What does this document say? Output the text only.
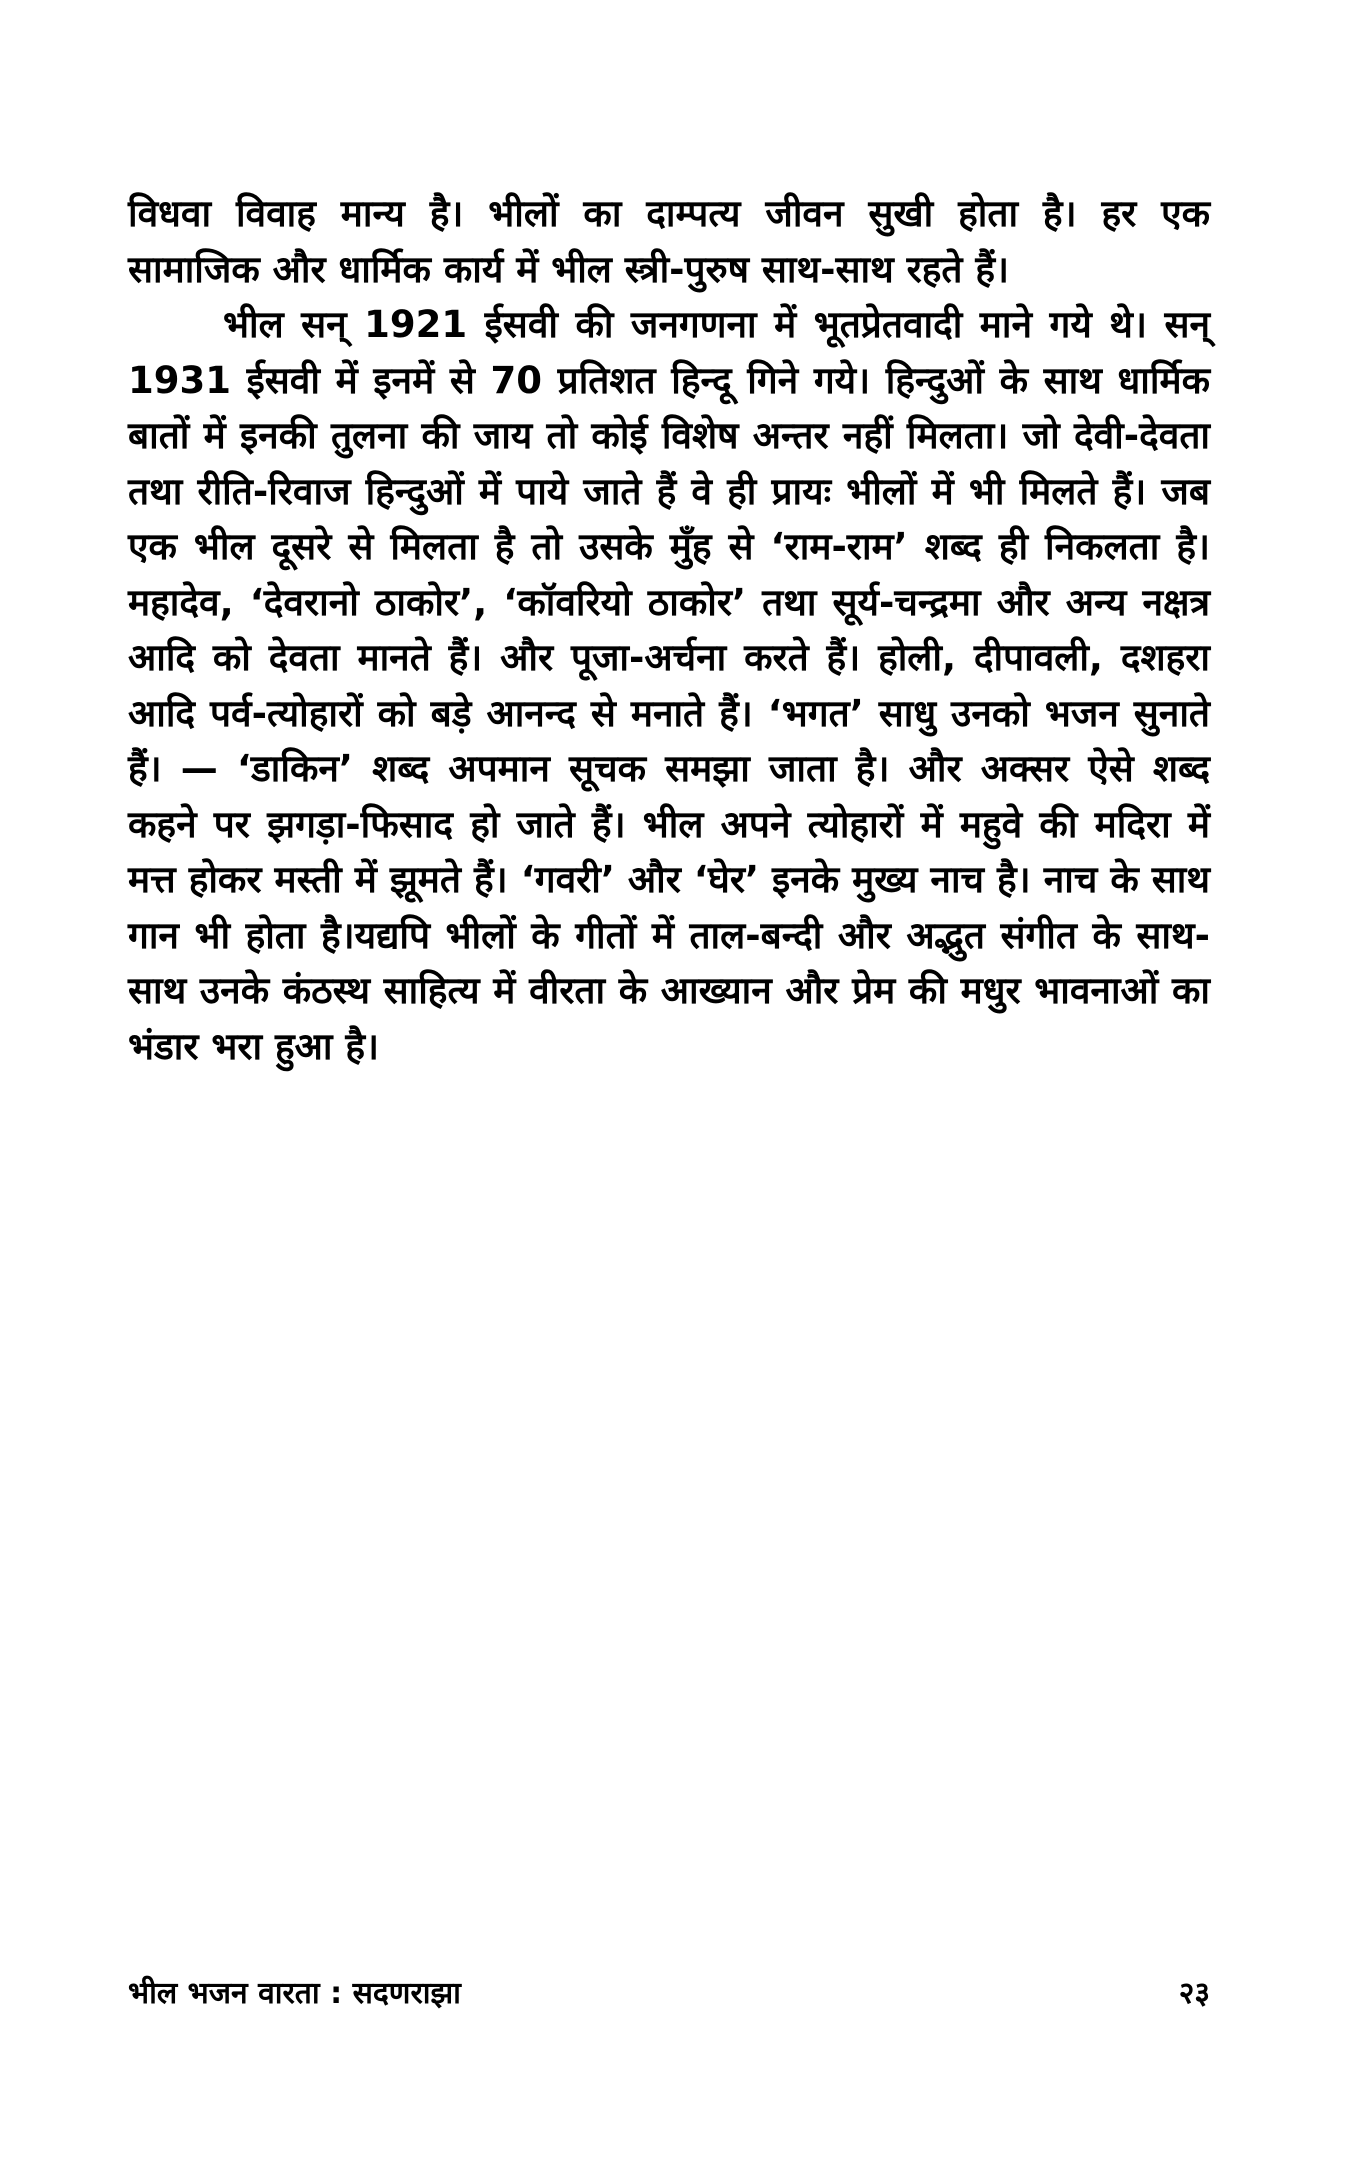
विधवा विवाह मान्य है। भीलों का दाम्पत्य जीवन सुखी होता है। हर एक सामाजिक और धार्मिक कार्य में भील स्त्री-पुरुष साथ-साथ रहते हैं।

भील सन् 1921 ईसवी की जनगणना में भूतप्रेतवादी माने गये थे। सन् 1931 ईसवी में इनमें से 70 प्रतिशत हिन्दू गिने गये। हिन्दुओं के साथ धार्मिक बातों में इनकी तुलना की जाय तो कोई विशेष अन्तर नहीं मिलता। जो देवी-देवता तथा रीति-रिवाज हिन्दुओं में पाये जाते हैं वे ही प्रायः भीलों में भी मिलते हैं। जब एक भील दूसरे से मिलता है तो उसके मुँह से ‘राम-राम’ शब्द ही निकलता है। महादेव, ‘देवरानो ठाकोर’, ‘कॉवरियो ठाकोर’ तथा सूर्य-चन्द्रमा और अन्य नक्षत्र आदि को देवता मानते हैं। और पूजा-अर्चना करते हैं। होली, दीपावली, दशहरा आदि पर्व-त्योहारों को बड़े आनन्द से मनाते हैं। ‘भगत’ साधु उनको भजन सुनाते हैं। — ‘डाकिन’ शब्द अपमान सूचक समझा जाता है। और अक्सर ऐसे शब्द कहने पर झगड़ा-फिसाद हो जाते हैं। भील अपने त्योहारों में महुवे की मदिरा में मत्त होकर मस्ती में झूमते हैं। ‘गवरी’ और ‘घेर’ इनके मुख्य नाच है। नाच के साथ गान भी होता है।यद्यपि भीलों के गीतों में ताल-बन्दी और अद्भुत संगीत के साथ-साथ उनके कंठस्थ साहित्य में वीरता के आख्यान और प्रेम की मधुर भावनाओं का भंडार भरा हुआ है।

भील भजन वारता : सदणराझा	२३
